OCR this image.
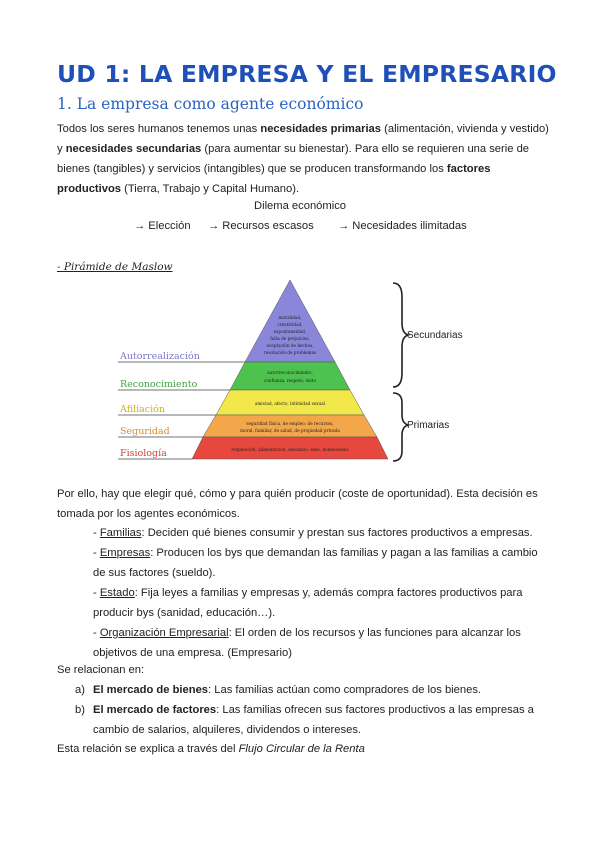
UD 1: LA EMPRESA Y EL EMPRESARIO
1. La empresa como agente económico
Todos los seres humanos tenemos unas necesidades primarias (alimentación, vivienda y vestido)
y necesidades secundarias (para aumentar su bienestar). Para ello se requieren una serie de
bienes (tangibles) y servicios (intangibles) que se producen transformando los factores
productivos (Tierra, Trabajo y Capital Humano).
Dilema económico
→ Elección → Recursos escasos → Necesidades ilimitadas
- Pirámide de Maslow
moralidad,
creatividad,
espontaneidad,
falta de prejuicios,
aceptación de hechos,
resolución de problemas
autorreconocimiento,
confianza, respeto, éxito
amistad, afecto, intimidad sexual
seguridad física, de empleo, de recursos,
moral, familiar, de salud, de propiedad privada
respiración, alimentación, descanso, sexo, homeostasis
Autorrealización
Reconocimiento
Afiliación
Seguridad
Fisiología
Secundarias
Primarias
Por ello, hay que elegir qué, cómo y para quién producir (coste de oportunidad). Esta decisión es
tomada por los agentes económicos.
- Familias: Deciden qué bienes consumir y prestan sus factores productivos a empresas.
- Empresas: Producen los bys que demandan las familias y pagan a las familias a cambio
de sus factores (sueldo).
- Estado: Fija leyes a familias y empresas y, además compra factores productivos para
producir bys (sanidad, educación…).
- Organización Empresarial: El orden de los recursos y las funciones para alcanzar los
objetivos de una empresa. (Empresario)
Se relacionan en:
a) El mercado de bienes: Las familias actúan como compradores de los bienes.
b) El mercado de factores: Las familias ofrecen sus factores productivos a las empresas a
cambio de salarios, alquileres, dividendos o intereses.
Esta relación se explica a través del Flujo Circular de la Renta
